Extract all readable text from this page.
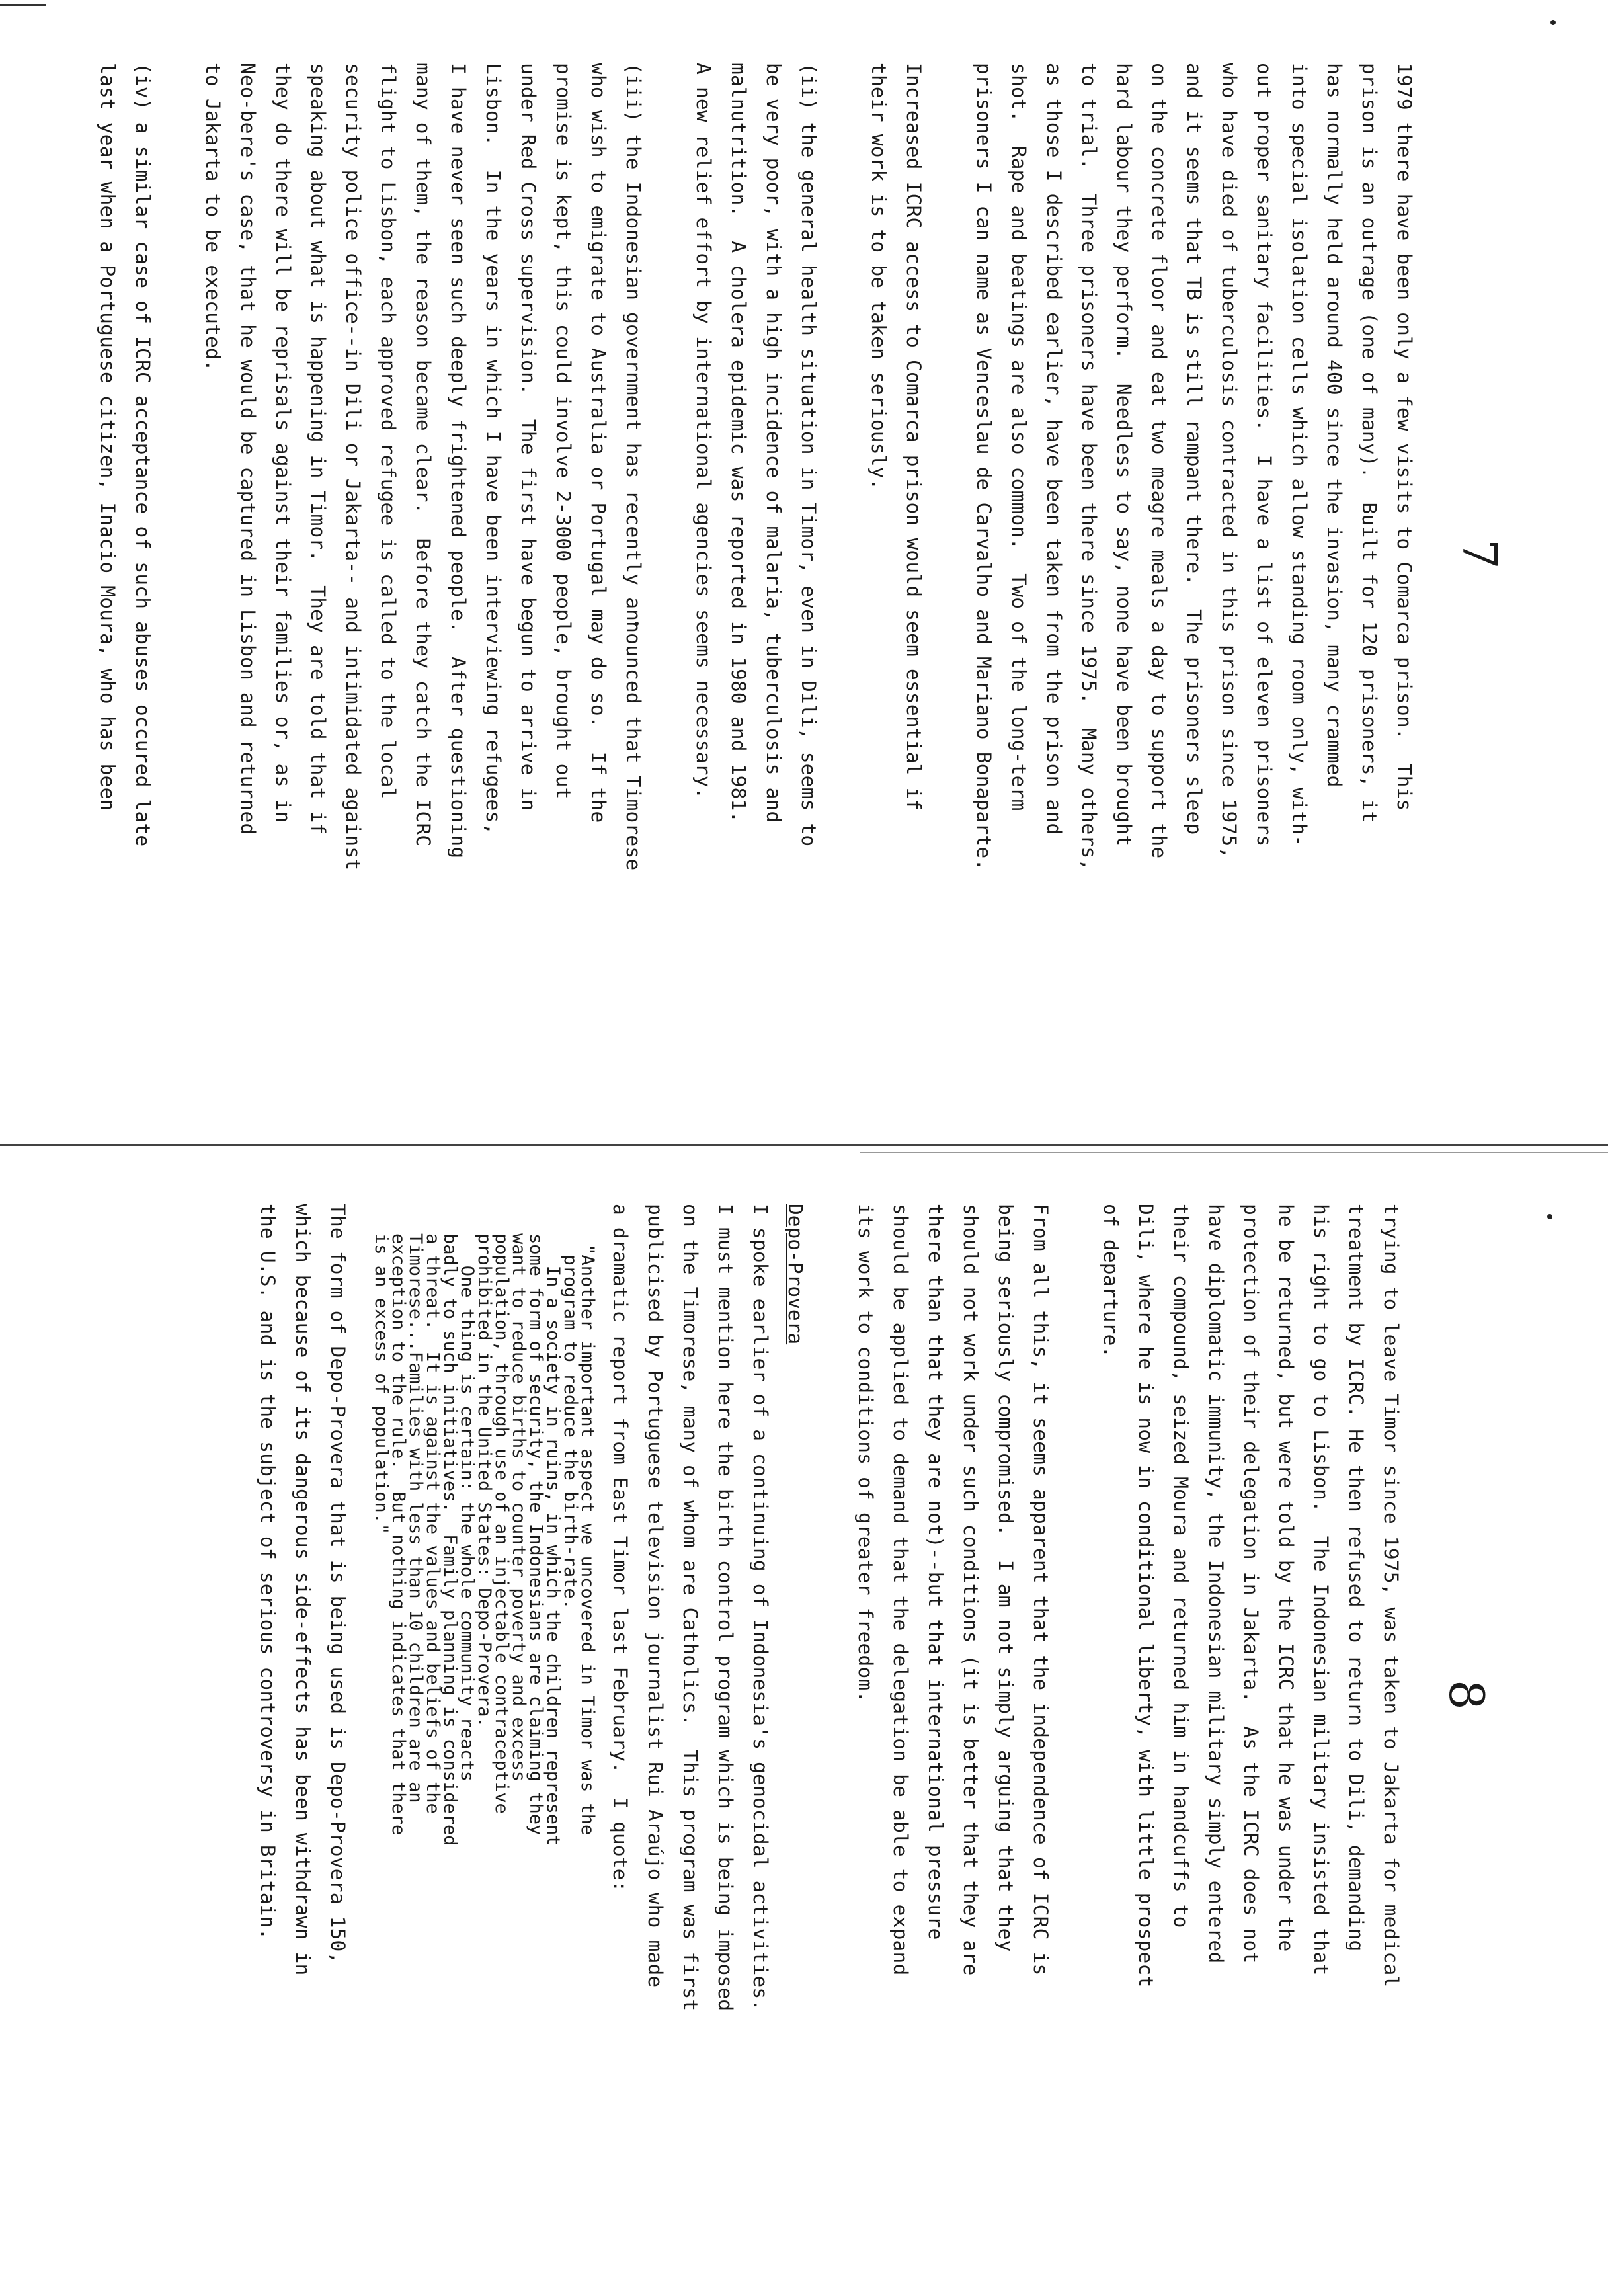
7

1979 there have been only a few visits to Comarca prison.  This
prison is an outrage (one of many).  Built for 120 prisoners, it
has normally held around 400 since the invasion, many crammed
into special isolation cells which allow standing room only, with-
out proper sanitary facilities.  I have a list of eleven prisoners
who have died of tuberculosis contracted in this prison since 1975,
and it seems that TB is still rampant there.  The prisoners sleep
on the concrete floor and eat two meagre meals a day to support the
hard labour they perform.  Needless to say, none have been brought
to trial.  Three prisoners have been there since 1975.  Many others,
as those I described earlier, have been taken from the prison and
shot.  Rape and beatings are also common.  Two of the long-term
prisoners I can name as Venceslau de Carvalho and Mariano Bonaparte.

Increased ICRC access to Comarca prison would seem essential if
their work is to be taken seriously.

(ii) the general health situation in Timor, even in Dili, seems to
be very poor, with a high incidence of malaria, tuberculosis and
malnutrition.  A cholera epidemic was reported in 1980 and 1981.
A new relief effort by international agencies seems necessary.

(iii) the Indonesian government has recently announced that Timorese
who wish to emigrate to Australia or Portugal may do so.  If the
promise is kept, this could involve 2-3000 people, brought out
under Red Cross supervision.  The first have begun to arrive in
Lisbon.  In the years in which I have been interviewing refugees,
I have never seen such deeply frightened people.  After questioning
many of them, the reason became clear.  Before they catch the ICRC
flight to Lisbon, each approved refugee is called to the local
security police office--in Dili or Jakarta-- and intimidated against
speaking about what is happening in Timor.  They are told that if
they do there will be reprisals against their families or, as in
Neo-bere's case, that he would be captured in Lisbon and returned
to Jakarta to be executed.

(iv) a similar case of ICRC acceptance of such abuses occured late
last year when a Portuguese citizen, Inacio Moura, who has been

8

trying to leave Timor since 1975, was taken to Jakarta for medical
treatment by ICRC. He then refused to return to Dili, demanding
his right to go to Lisbon.  The Indonesian military insisted that
he be returned, but were told by the ICRC that he was under the
protection of their delegation in Jakarta.  As the ICRC does not
have diplomatic immunity, the Indonesian military simply entered
their compound, seized Moura and returned him in handcuffs to
Dili, where he is now in conditional liberty, with little prospect
of departure.

From all this, it seems apparent that the independence of ICRC is
being seriously compromised.  I am not simply arguing that they
should not work under such conditions (it is better that they are
there than that they are not)--but that international pressure
should be applied to demand that the delegation be able to expand
its work to conditions of greater freedom.

Depo-Provera

I spoke earlier of a continuing of Indonesia's genocidal activities.
I must mention here the birth control program which is being imposed
on the Timorese, many of whom are Catholics.  This program was first
publicised by Portuguese television journalist Rui Araújo who made
a dramatic report from East Timor last February.  I quote:

"Another important aspect we uncovered in Timor was the
program to reduce the birth-rate.
In a society in ruins, in which the children represent
some form of security, the Indonesians are claiming they
want to reduce births to counter poverty and excess
population, through use of an injectable contraceptive
prohibited in the United States: Depo-Provera.
One thing is certain: the whole community reacts
badly to such initiatives.  Family planning is considered
a threat.  It is against the values and beliefs of the
Timorese...Families with less than 10 children are an
exception to the rule.  But nothing indicates that there
is an excess of population."

The form of Depo-Provera that is being used is Depo-Provera 150,
which because of its dangerous side-effects has been withdrawn in
the U.S. and is the subject of serious controversy in Britain.
